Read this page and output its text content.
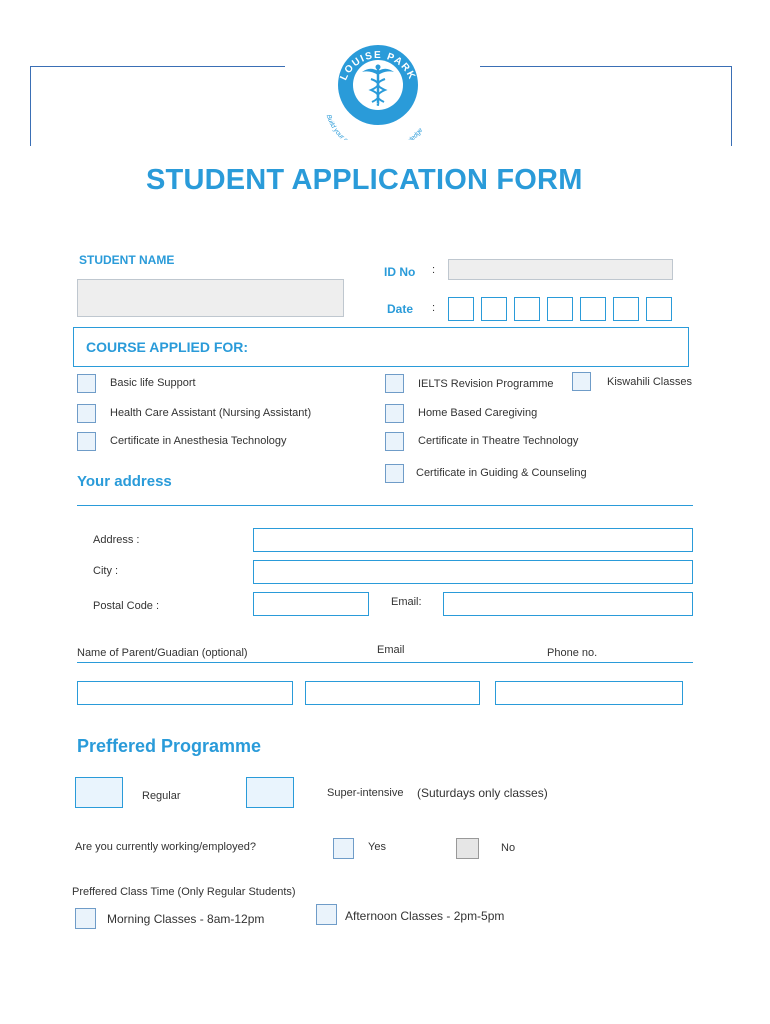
LOUISE PARK
LLEGE OF HEALTH SCIENC
Build your ledge
STUDENT APPLICATION FORM
STUDENT NAME
ID No :
Date :
COURSE APPLIED FOR:
Basic life Support	IELTS Revision Programme	Kiswahili Classes
Health Care Assistant (Nursing Assistant)	Home Based Caregiving
Certificate in Anesthesia Technology	Certificate in Theatre Technology
Certificate in Guiding & Counseling
Your address
Address :
City :
Postal Code :	Email:
Name of Parent/Guadian (optional)	Email	Phone no.
Preffered Programme
Regular	Super-intensive (Suturdays only classes)
Are you currently working/employed?	Yes	No
Preffered Class Time (Only Regular Students)
Morning Classes - 8am-12pm	Afternoon Classes - 2pm-5pm
